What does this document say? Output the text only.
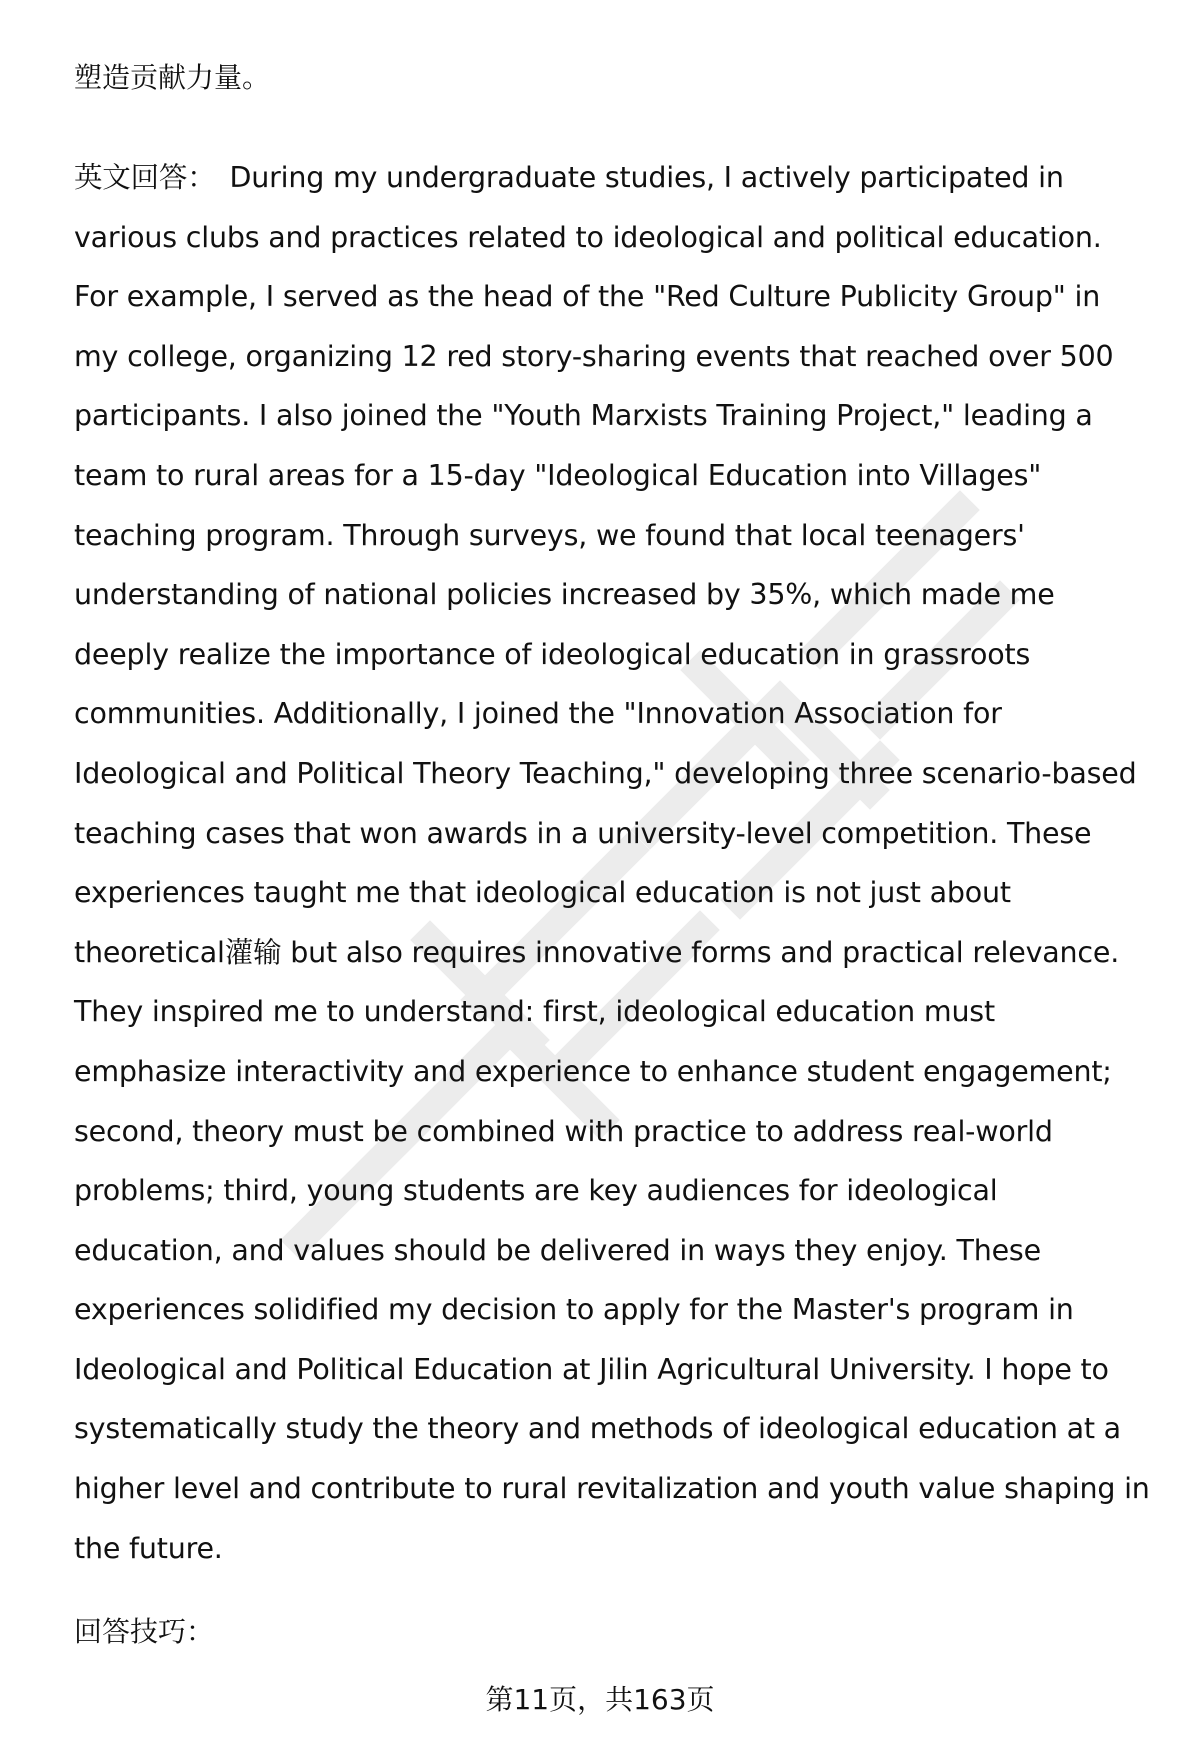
塑造贡献力量。
英文回答： During my undergraduate studies, I actively participated in
various clubs and practices related to ideological and political education.
For example, I served as the head of the "Red Culture Publicity Group" in
my college, organizing 12 red story-sharing events that reached over 500
participants. I also joined the "Youth Marxists Training Project," leading a
team to rural areas for a 15-day "Ideological Education into Villages"
teaching program. Through surveys, we found that local teenagers'
understanding of national policies increased by 35%, which made me
deeply realize the importance of ideological education in grassroots
communities. Additionally, I joined the "Innovation Association for
Ideological and Political Theory Teaching," developing three scenario-based
teaching cases that won awards in a university-level competition. These
experiences taught me that ideological education is not just about
theoretical灌输 but also requires innovative forms and practical relevance.
They inspired me to understand: first, ideological education must
emphasize interactivity and experience to enhance student engagement;
second, theory must be combined with practice to address real-world
problems; third, young students are key audiences for ideological
education, and values should be delivered in ways they enjoy. These
experiences solidified my decision to apply for the Master's program in
Ideological and Political Education at Jilin Agricultural University. I hope to
systematically study the theory and methods of ideological education at a
higher level and contribute to rural revitalization and youth value shaping in
the future.
回答技巧：
第11页，共163页
